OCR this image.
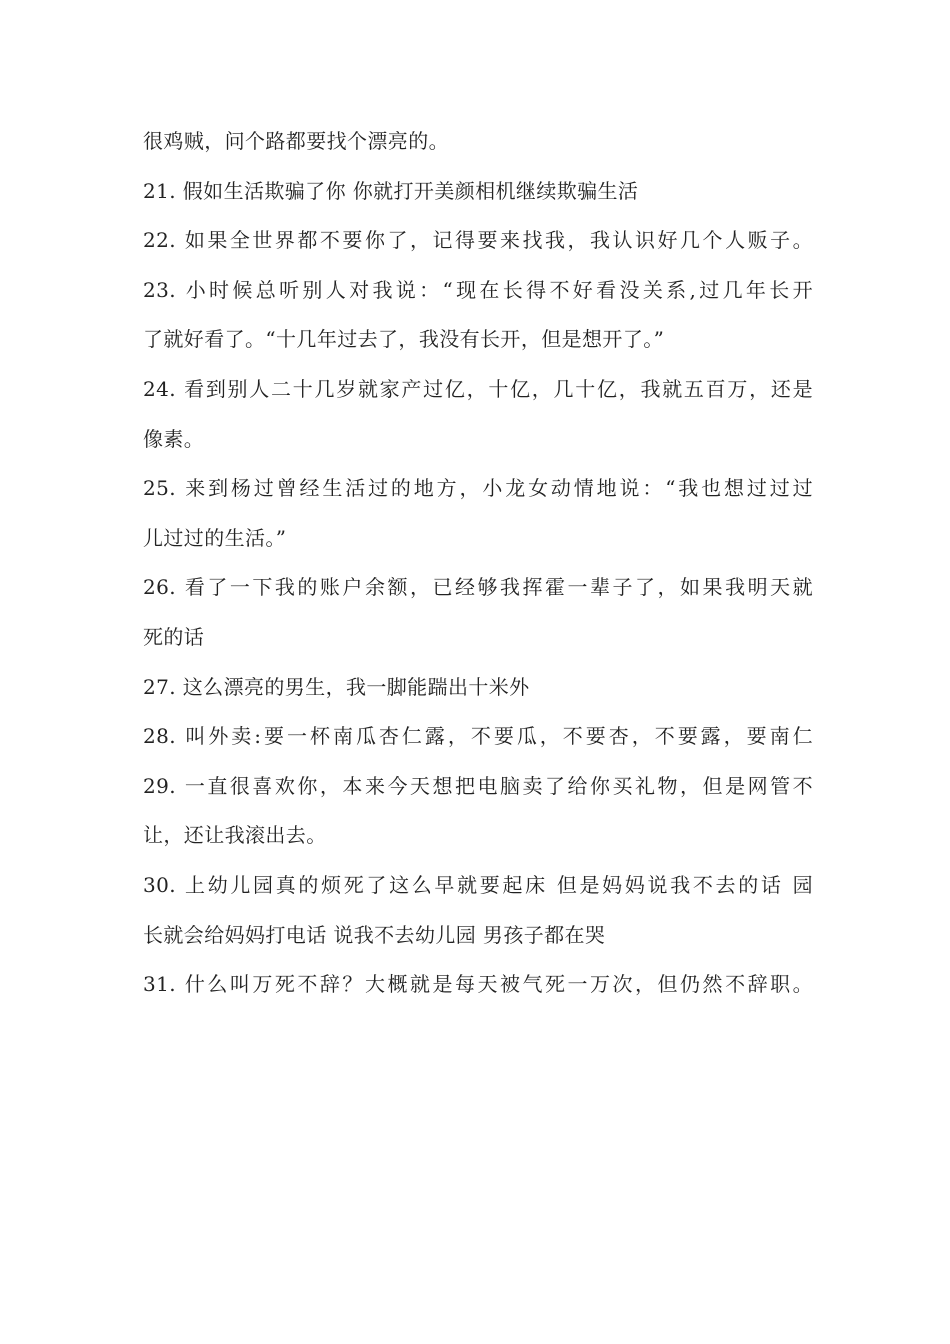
很鸡贼，问个路都要找个漂亮的。
21. 假如生活欺骗了你 你就打开美颜相机继续欺骗生活
22. 如果全世界都不要你了，记得要来找我，我认识好几个人贩子。
23. 小时候总听别人对我说：“现在长得不好看没关系,过几年长开
了就好看了。“十几年过去了，我没有长开，但是想开了。”
24. 看到别人二十几岁就家产过亿，十亿，几十亿，我就五百万，还是
像素。
25. 来到杨过曾经生活过的地方，小龙女动情地说：“我也想过过过
儿过过的生活。”
26. 看了一下我的账户余额，已经够我挥霍一辈子了，如果我明天就
死的话
27. 这么漂亮的男生，我一脚能踹出十米外
28. 叫外卖:要一杯南瓜杏仁露，不要瓜，不要杏，不要露，要南仁
29. 一直很喜欢你，本来今天想把电脑卖了给你买礼物，但是网管不
让，还让我滚出去。
30. 上幼儿园真的烦死了这么早就要起床 但是妈妈说我不去的话 园
长就会给妈妈打电话 说我不去幼儿园 男孩子都在哭
31. 什么叫万死不辞？大概就是每天被气死一万次，但仍然不辞职。
